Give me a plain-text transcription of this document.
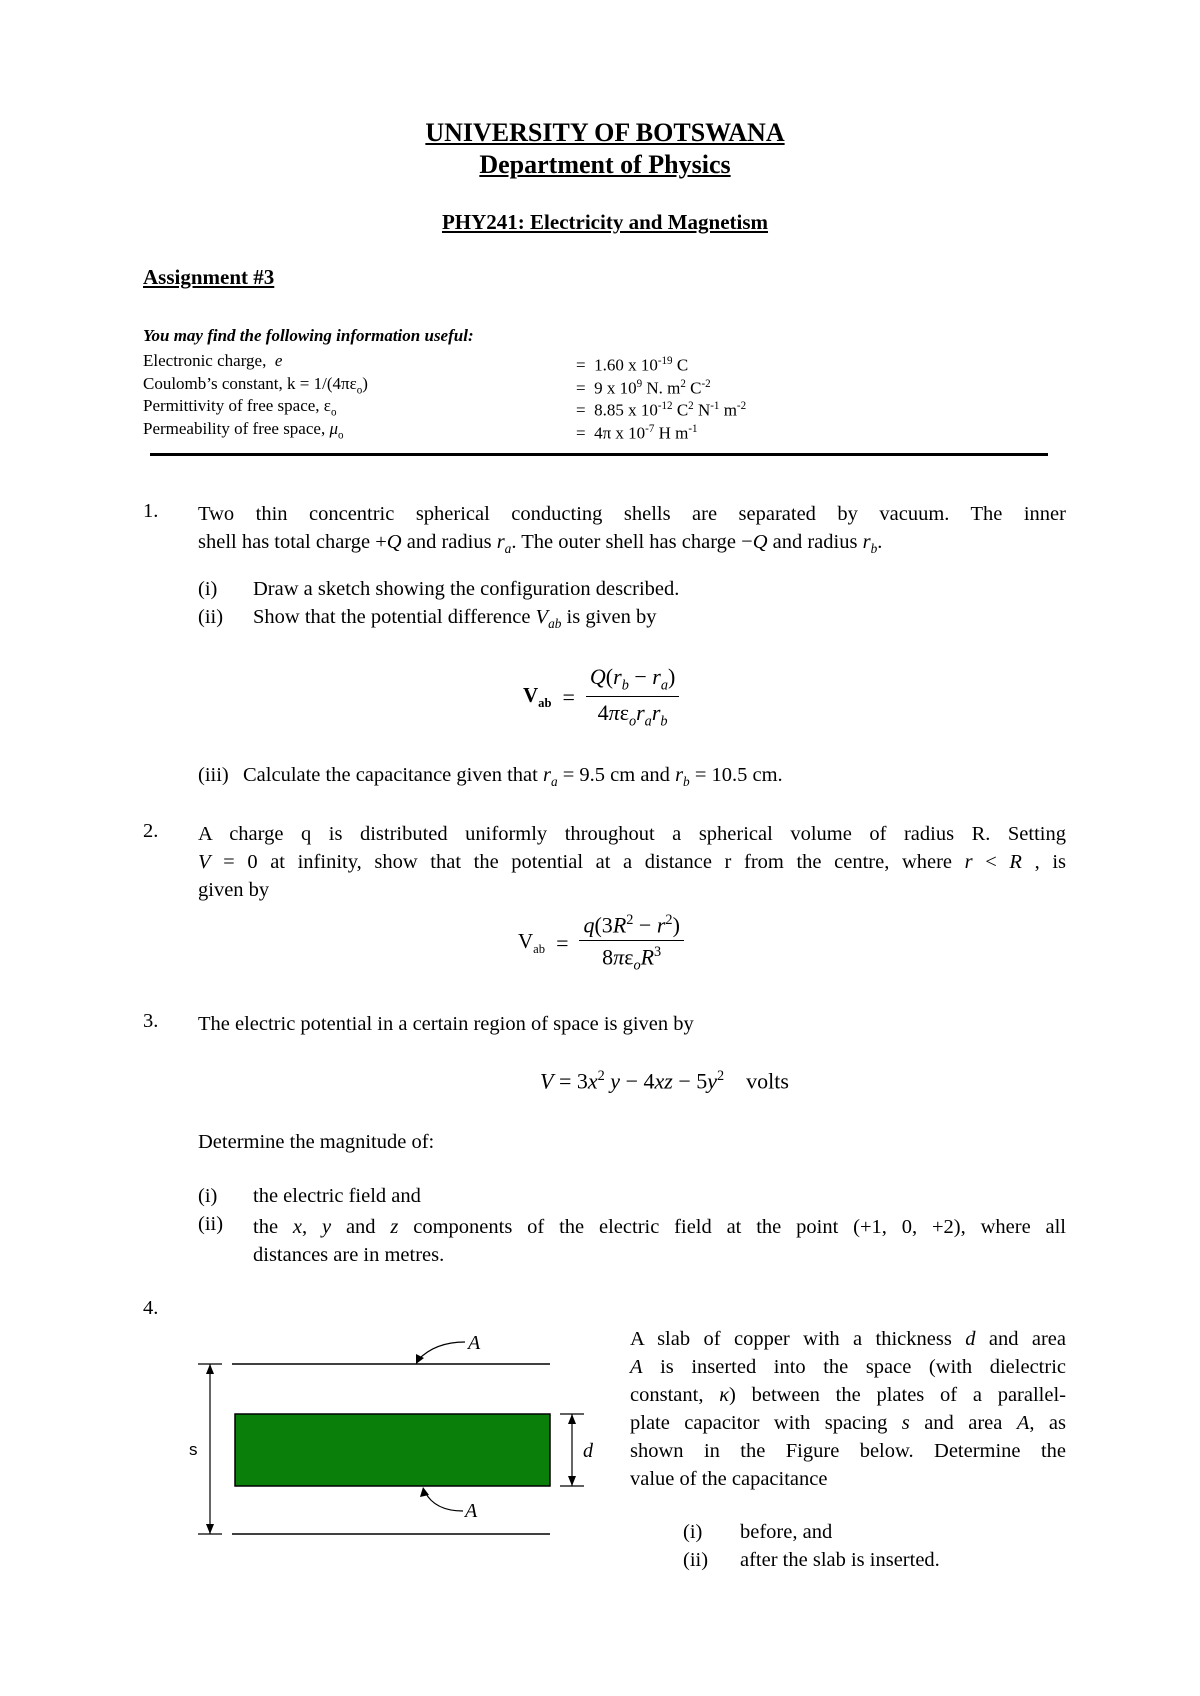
UNIVERSITY OF BOTSWANA
Department of Physics
PHY241: Electricity and Magnetism
Assignment #3
You may find the following information useful:
Electronic charge,  e	=  1.60 x $10^{-19}$ C
Coulomb’s constant, $k = 1/(4\pi\varepsilon_o)$	=  9 x $10^9$ N. $m^2$ $C^{-2}$
Permittivity of free space, $\varepsilon_o$	=  8.85 x $10^{-12}$ $C^2$ $N^{-1}$ $m^{-2}$
Permeability of free space, $\mu_o$	=  4π x $10^{-7}$ H $m^{-1}$
1. Two thin concentric spherical conducting shells are separated by vacuum. The inner
shell has total charge +Q and radius $r_a$. The outer shell has charge −Q and radius $r_b$.
(i) Draw a sketch showing the configuration described.
(ii) Show that the potential difference $V_{ab}$ is given by
$V_{ab} = \frac{Q(r_b - r_a)}{4\pi\varepsilon_or_ar_b}$
(iii) Calculate the capacitance given that $r_a = 9.5$ cm and $r_b = 10.5$ cm.
2. A charge q is distributed uniformly throughout a spherical volume of radius R. Setting
V = 0 at infinity, show that the potential at a distance r from the centre, where r < R , is
given by
$V_{ab} = \frac{q(3R^2 - r^2)}{8\pi\varepsilon_oR^3}$
3. The electric potential in a certain region of space is given by
$V = 3x^2$ $y - 4xz - 5y^2$    volts
Determine the magnitude of:
(i) the electric field and
(ii) the x, y and z components of the electric field at the point (+1, 0, +2), where all
distances are in metres.
4.
A
A
s	d
A slab of copper with a thickness d and area
A is inserted into the space (with dielectric
constant, κ) between the plates of a parallel-
plate capacitor with spacing s and area A, as
shown in the Figure below. Determine the
value of the capacitance
(i) before, and
(ii) after the slab is inserted.
